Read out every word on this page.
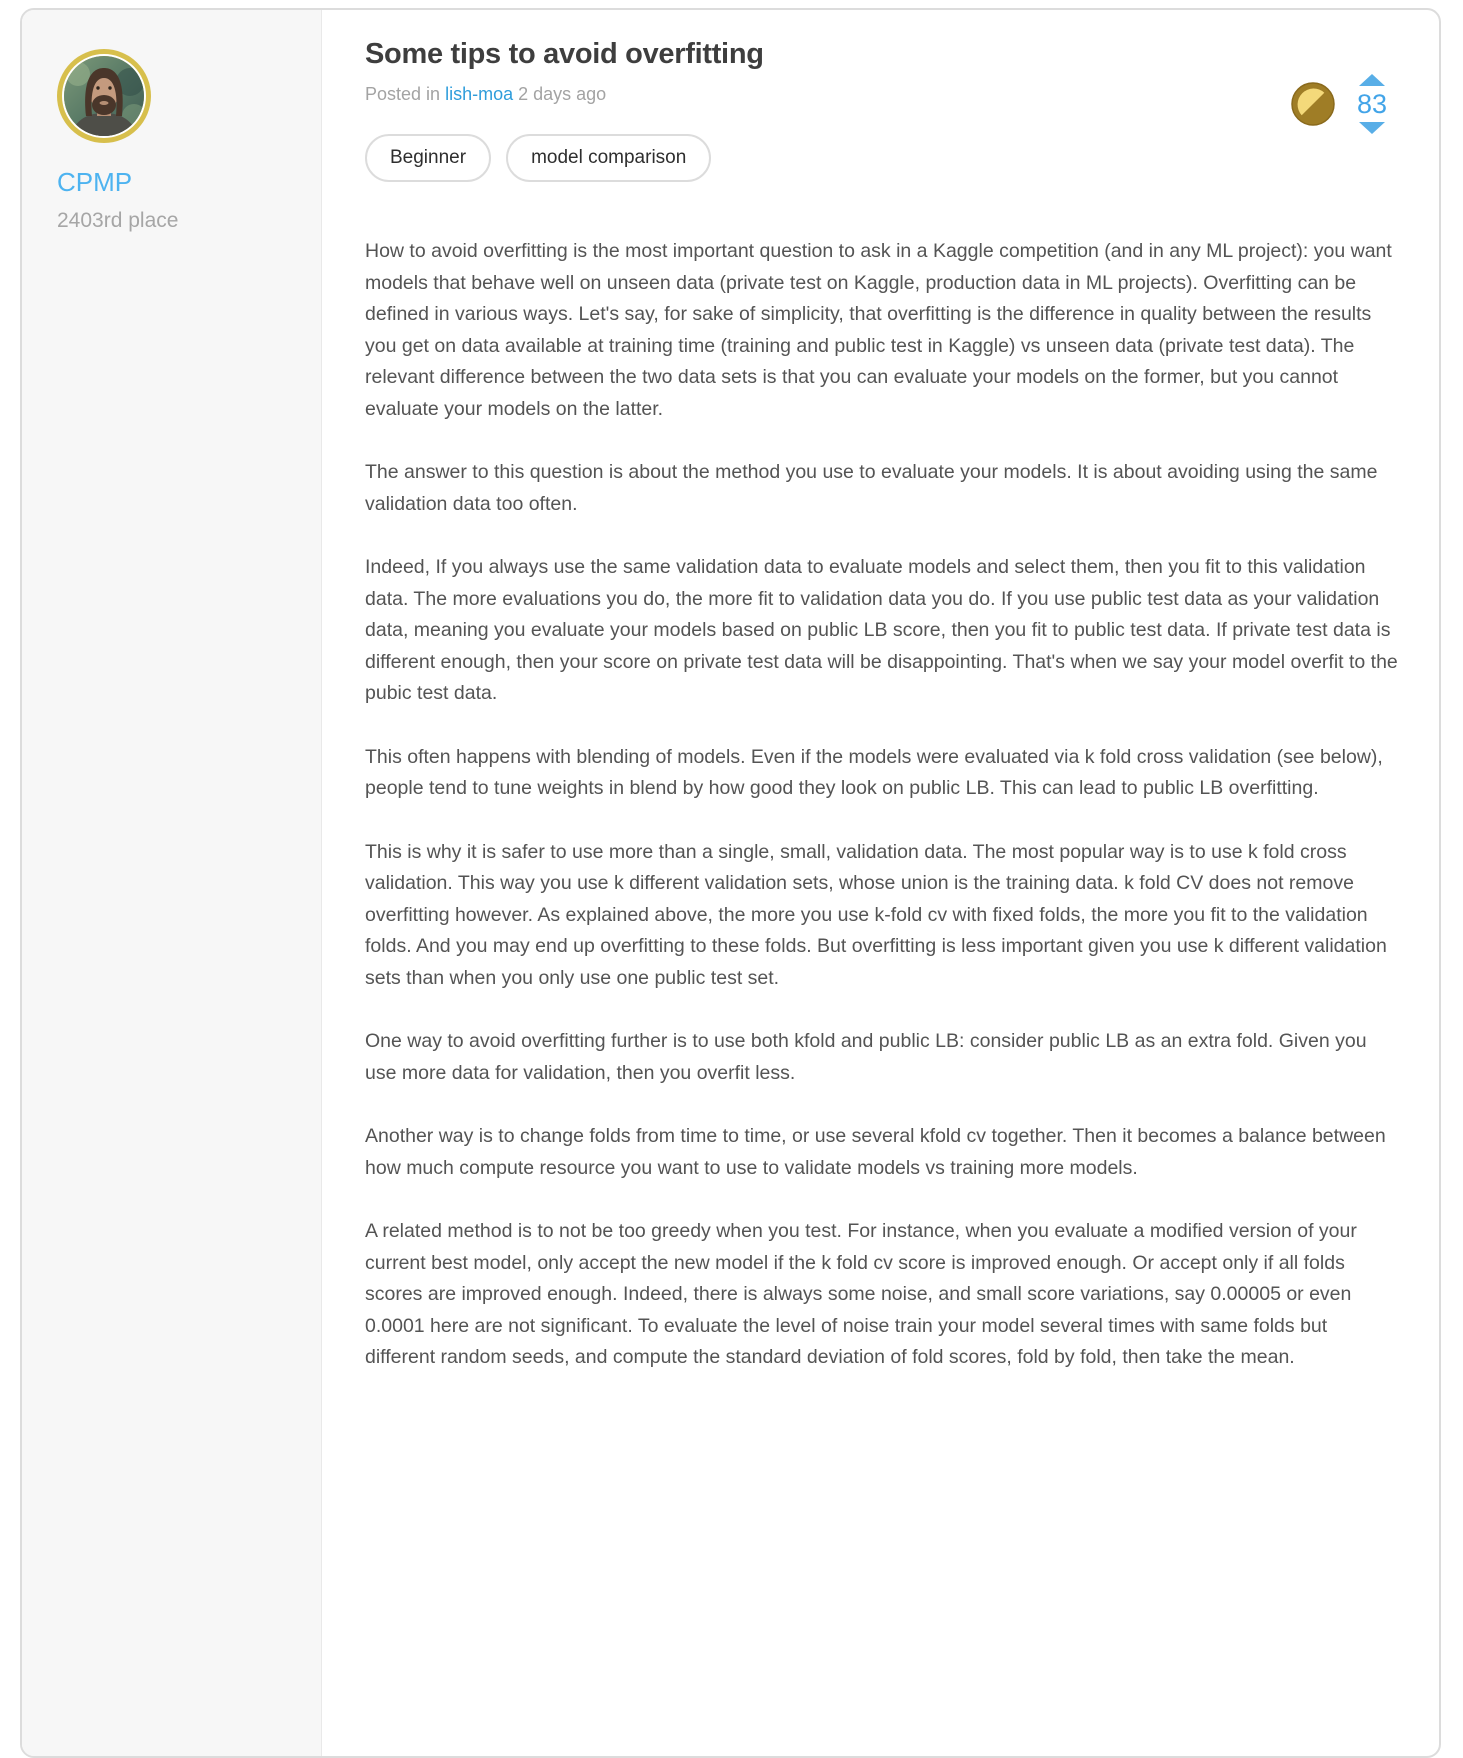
CPMP
2403rd place
Some tips to avoid overfitting
Posted in lish-moa 2 days ago	83
Beginner	model comparison

How to avoid overfitting is the most important question to ask in a Kaggle competition (and in any ML project): you want models that behave well on unseen data (private test on Kaggle, production data in ML projects). Overfitting can be defined in various ways. Let's say, for sake of simplicity, that overfitting is the difference in quality between the results you get on data available at training time (training and public test in Kaggle) vs unseen data (private test data). The relevant difference between the two data sets is that you can evaluate your models on the former, but you cannot evaluate your models on the latter.

The answer to this question is about the method you use to evaluate your models. It is about avoiding using the same validation data too often.

Indeed, If you always use the same validation data to evaluate models and select them, then you fit to this validation data. The more evaluations you do, the more fit to validation data you do. If you use public test data as your validation data, meaning you evaluate your models based on public LB score, then you fit to public test data. If private test data is different enough, then your score on private test data will be disappointing. That's when we say your model overfit to the pubic test data.

This often happens with blending of models. Even if the models were evaluated via k fold cross validation (see below), people tend to tune weights in blend by how good they look on public LB. This can lead to public LB overfitting.

This is why it is safer to use more than a single, small, validation data. The most popular way is to use k fold cross validation. This way you use k different validation sets, whose union is the training data. k fold CV does not remove overfitting however. As explained above, the more you use k-fold cv with fixed folds, the more you fit to the validation folds. And you may end up overfitting to these folds. But overfitting is less important given you use k different validation sets than when you only use one public test set.

One way to avoid overfitting further is to use both kfold and public LB: consider public LB as an extra fold. Given you use more data for validation, then you overfit less.

Another way is to change folds from time to time, or use several kfold cv together. Then it becomes a balance between how much compute resource you want to use to validate models vs training more models.

A related method is to not be too greedy when you test. For instance, when you evaluate a modified version of your current best model, only accept the new model if the k fold cv score is improved enough. Or accept only if all folds scores are improved enough. Indeed, there is always some noise, and small score variations, say 0.00005 or even 0.0001 here are not significant. To evaluate the level of noise train your model several times with same folds but different random seeds, and compute the standard deviation of fold scores, fold by fold, then take the mean.
